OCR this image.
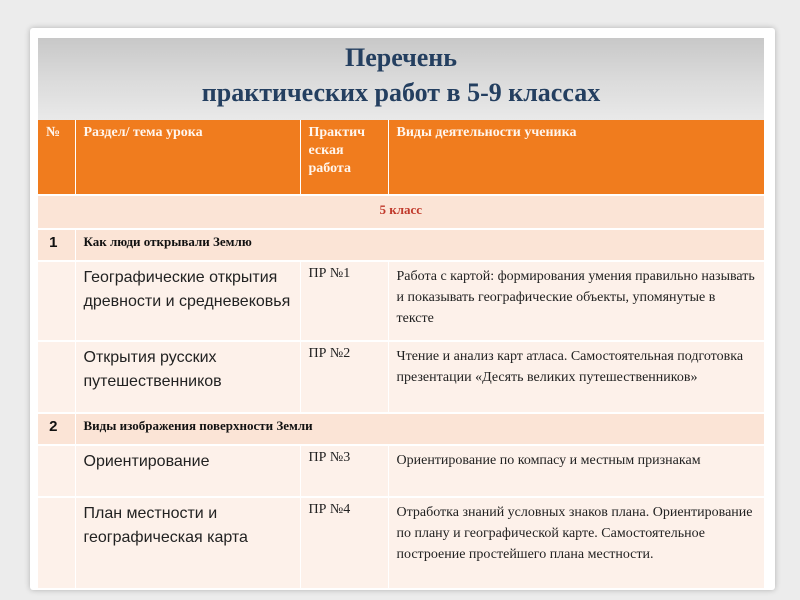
Перечень
практических работ в 5-9 классах
№	Раздел/ тема урока	Практич еская работа	Виды деятельности ученика
5 класс			
1	Как люди открывали Землю		
	Географические открытия древности и средневековья	ПР №1	Работа с картой: формирования умения правильно называть и показывать географические объекты, упомянутые в тексте
	Открытия русских путешественников	ПР №2	Чтение и анализ карт атласа. Самостоятельная подготовка презентации «Десять великих путешественников»
2	Виды изображения поверхности Земли		
	Ориентирование	ПР №3	Ориентирование по компасу и местным признакам
	План местности и географическая карта	ПР №4	Отработка знаний условных знаков плана. Ориентирование по плану и географической карте. Самостоятельное построение простейшего плана местности.
